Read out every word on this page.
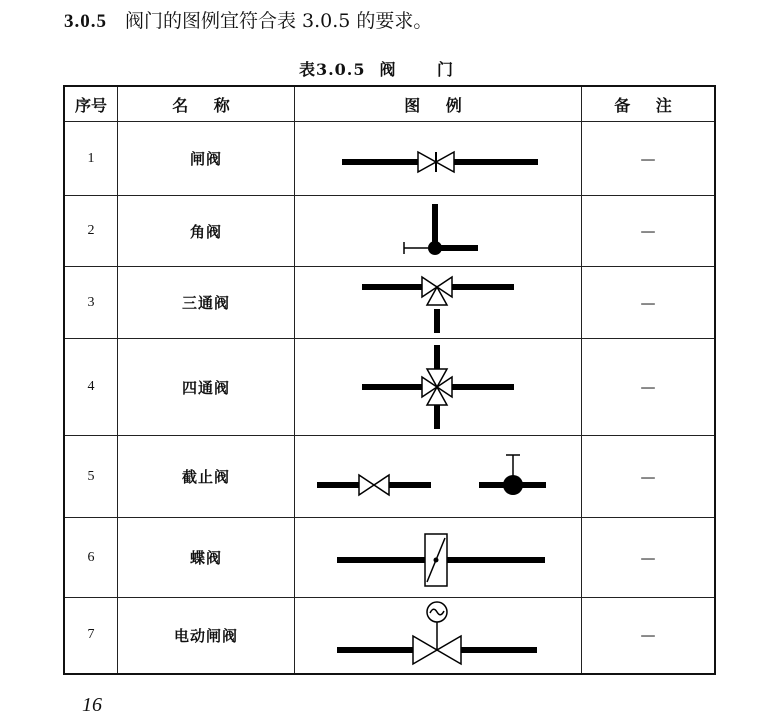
3.0.5 阀门的图例宜符合表 3.0.5 的要求。
表3.0.5 阀 门
序号	名 称	图 例	备 注
1	闸阀		—
2	角阀		—
3	三通阀		—
4	四通阀		—
5	截止阀		—
6	蝶阀		—
7	电动闸阀		—
16
